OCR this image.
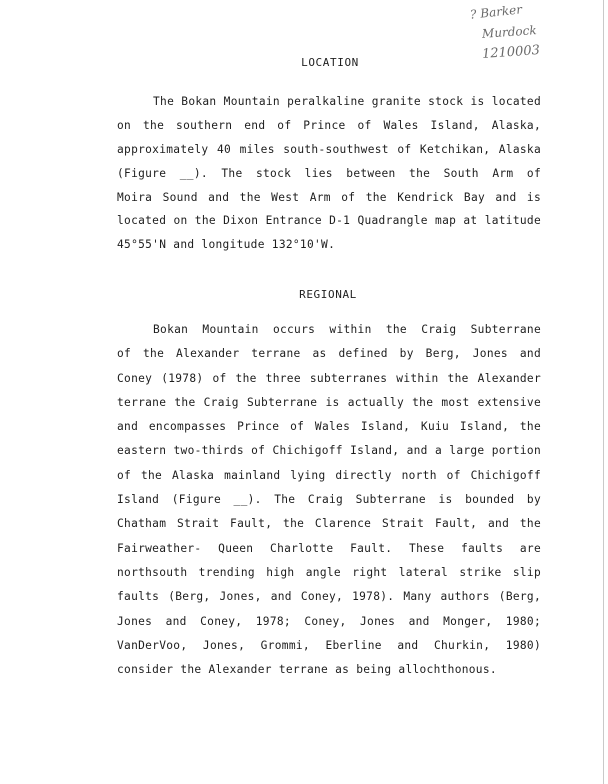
? Barker
Murdock
1210003
LOCATION
The Bokan Mountain peralkaline granite stock is located
on the southern end of Prince of Wales Island, Alaska,
approximately 40 miles south-southwest of Ketchikan, Alaska
(Figure __). The stock lies between the South Arm of
Moira Sound and the West Arm of the Kendrick Bay and is
located on the Dixon Entrance D-1 Quadrangle map at latitude
45°55'N and longitude 132°10'W.
REGIONAL
Bokan Mountain occurs within the Craig Subterrane
of the Alexander terrane as defined by Berg, Jones and
Coney (1978) of the three subterranes within the Alexander
terrane the Craig Subterrane is actually the most extensive
and encompasses Prince of Wales Island, Kuiu Island, the
eastern two-thirds of Chichigoff Island, and a large portion
of the Alaska mainland lying directly north of Chichigoff
Island (Figure __). The Craig Subterrane is bounded by
Chatham Strait Fault, the Clarence Strait Fault, and the
Fairweather- Queen Charlotte Fault. These faults are
northsouth trending high angle right lateral strike slip
faults (Berg, Jones, and Coney, 1978). Many authors (Berg,
Jones and Coney, 1978; Coney, Jones and Monger, 1980;
VanDerVoo, Jones, Grommi, Eberline and Churkin, 1980)
consider the Alexander terrane as being allochthonous.
